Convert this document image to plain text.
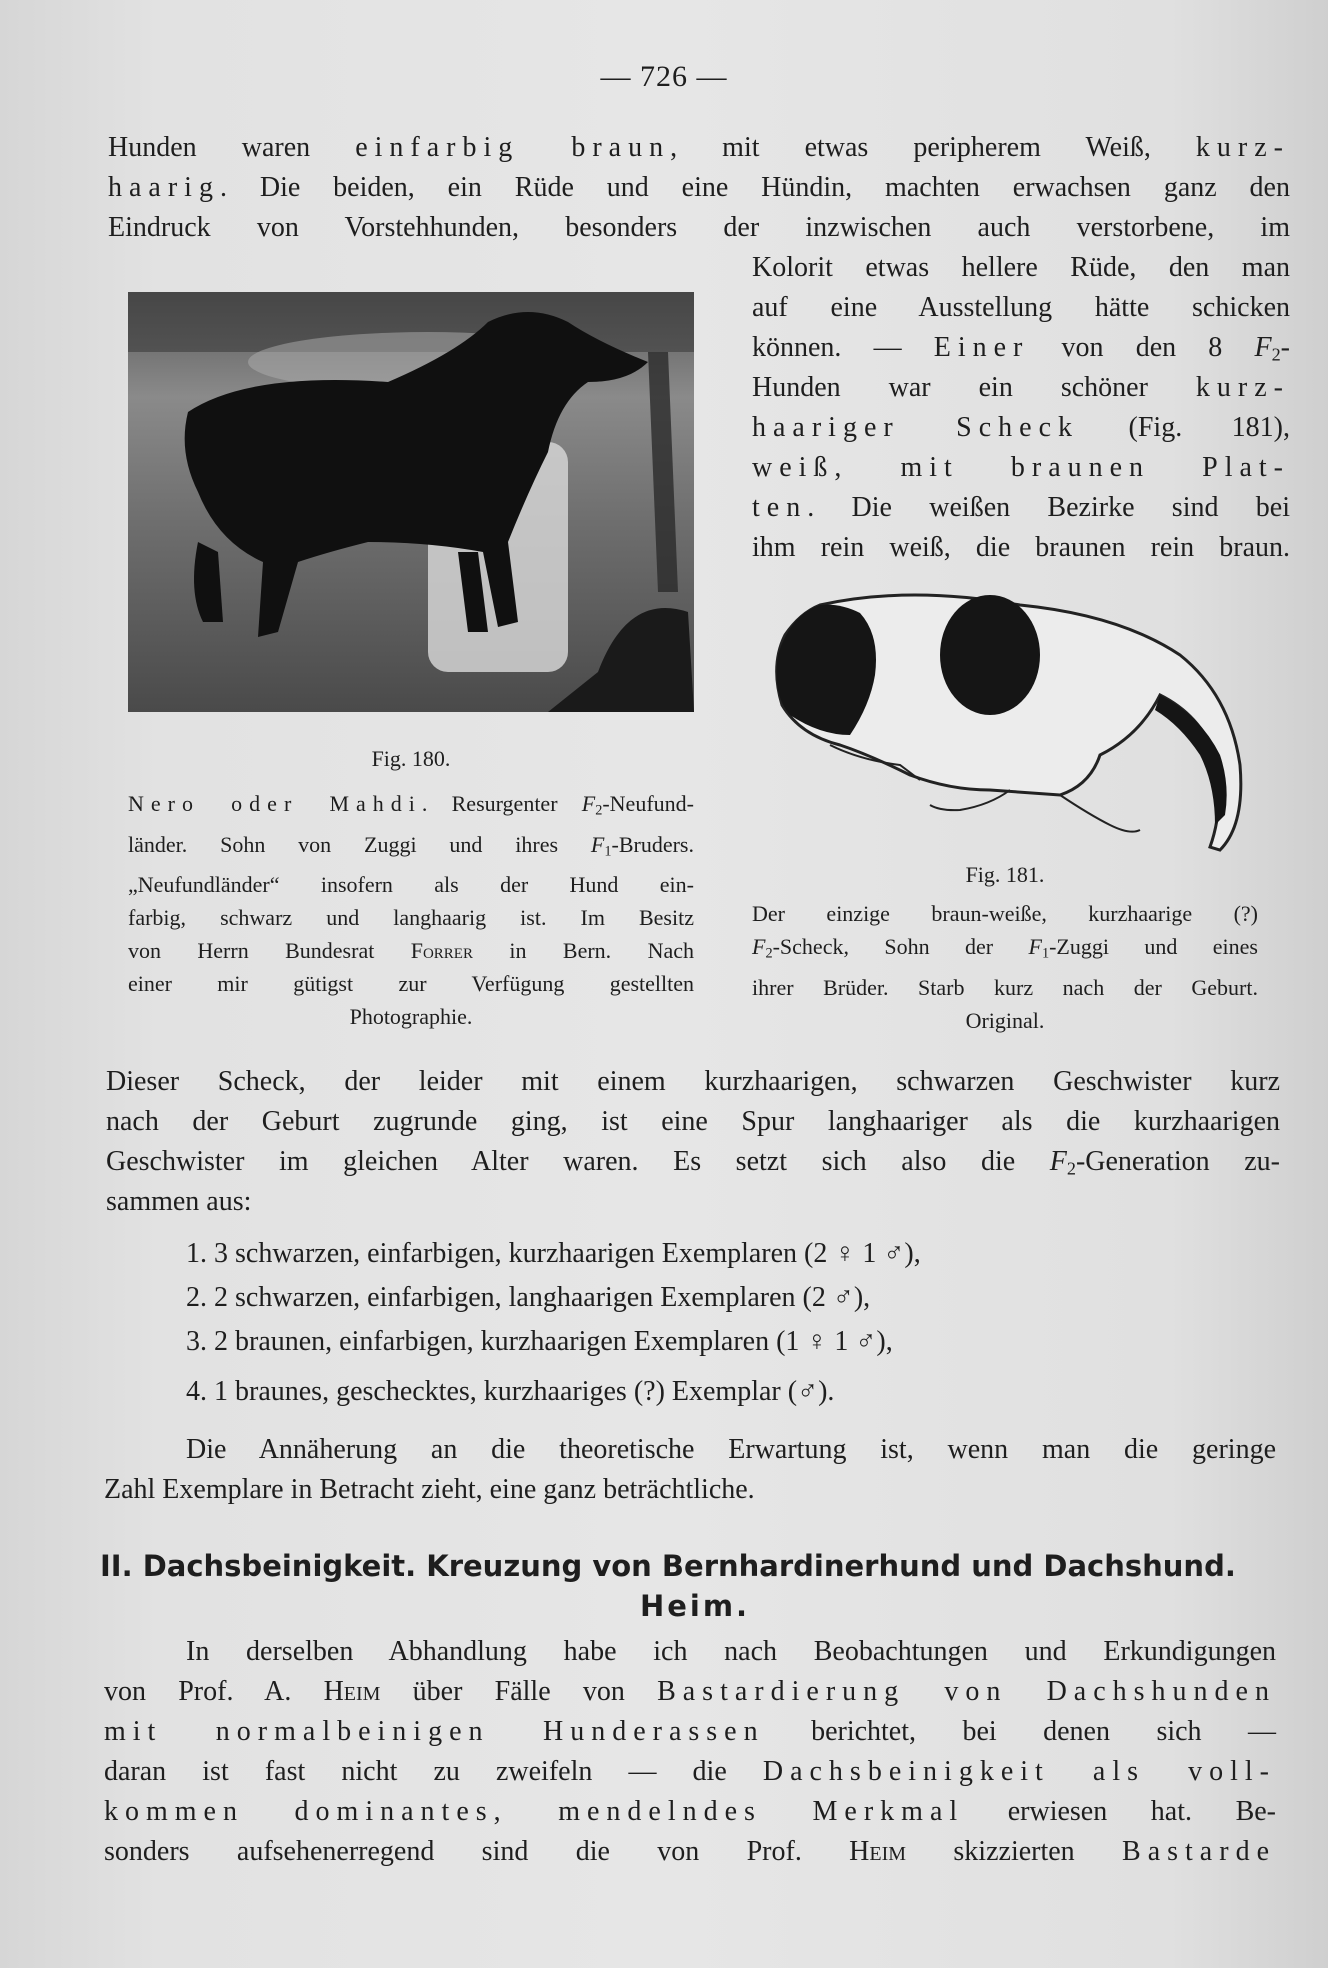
— 726 —
Hunden waren einfarbig braun, mit etwas peripherem Weiß, kurz-
haarig. Die beiden, ein Rüde und eine Hündin, machten erwachsen ganz den
Eindruck von Vorstehhunden, besonders der inzwischen auch verstorbene, im
Kolorit etwas hellere Rüde, den man
auf eine Ausstellung hätte schicken
können. — Einer von den 8 $F_2-$
Hunden war ein schöner kurz-
haariger Scheck (Fig. 181),
weiß, mit braunen Plat-
ten. Die weißen Bezirke sind bei
ihm rein weiß, die braunen rein braun.
Fig. 180.
Nero oder Mahdi. Resurgenter $F_2-Neufund-$
länder. Sohn von Zuggi und ihres $F_1$-Bruders.
„Neufundländer“ insofern als der Hund ein-
farbig, schwarz und langhaarig ist. Im Besitz
von Herrn Bundesrat Forrer in Bern. Nach
einer mir gütigst zur Verfügung gestellten
Photographie.
Fig. 181.
Der einzige braun-weiße, kurzhaarige (?)
$F_2$-Scheck, Sohn der $F_1$-Zuggi und eines
ihrer Brüder. Starb kurz nach der Geburt.
Original.
Dieser Scheck, der leider mit einem kurzhaarigen, schwarzen Geschwister kurz
nach der Geburt zugrunde ging, ist eine Spur langhaariger als die kurzhaarigen
Geschwister im gleichen Alter waren. Es setzt sich also die $F_2$-Generation zu-
sammen aus:
1. 3 schwarzen, einfarbigen, kurzhaarigen Exemplaren (2 ♀ 1 ♂),
2. 2 schwarzen, einfarbigen, langhaarigen Exemplaren (2 ♂),
3. 2 braunen, einfarbigen, kurzhaarigen Exemplaren (1 ♀ 1 ♂),
4. 1 braunes, geschecktes, kurzhaariges (?) Exemplar (♂).
Die Annäherung an die theoretische Erwartung ist, wenn man die geringe
Zahl Exemplare in Betracht zieht, eine ganz beträchtliche.
II. Dachsbeinigkeit. Kreuzung von Bernhardinerhund und Dachshund.
Heim.
In derselben Abhandlung habe ich nach Beobachtungen und Erkundigungen
von Prof. A. Heim über Fälle von Bastardierung von Dachshunden
mit normalbeinigen Hunderassen berichtet, bei denen sich —
daran ist fast nicht zu zweifeln — die Dachsbeinigkeit als voll-
kommen dominantes, mendelndes Merkmal erwiesen hat. Be-
sonders aufsehenerregend sind die von Prof. Heim skizzierten Bastarde
